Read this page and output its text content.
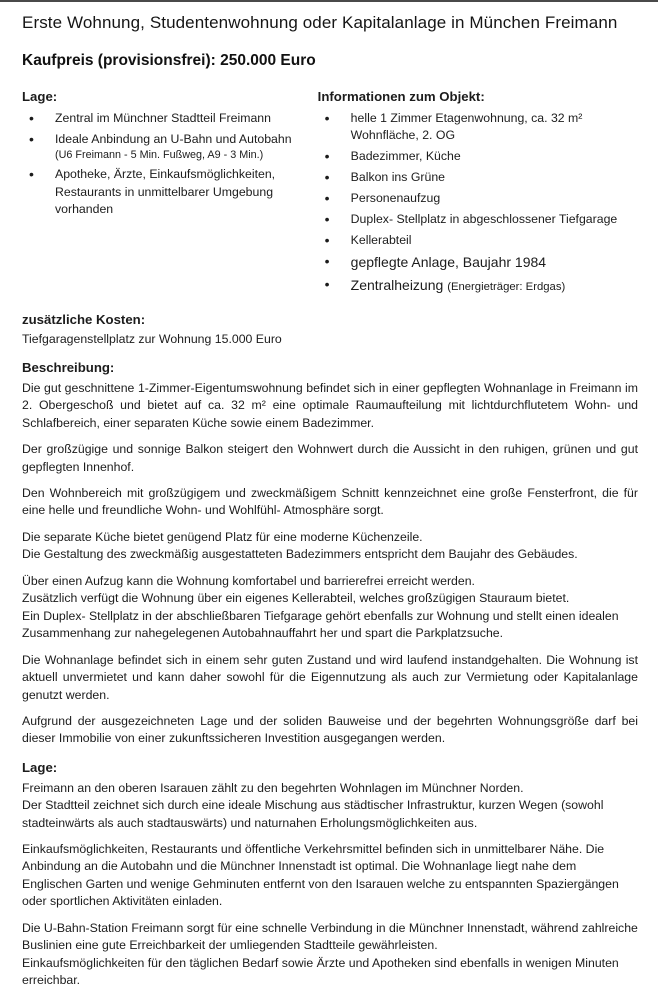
Erste Wohnung, Studentenwohnung oder Kapitalanlage in München Freimann
Kaufpreis (provisionsfrei): 250.000 Euro
Lage:
• Zentral im Münchner Stadtteil Freimann
• Ideale Anbindung an U-Bahn und Autobahn
(U6 Freimann - 5 Min. Fußweg, A9 - 3 Min.)
• Apotheke, Ärzte, Einkaufsmöglichkeiten, Restaurants in unmittelbarer Umgebung vorhanden
Informationen zum Objekt:
• helle 1 Zimmer Etagenwohnung, ca. 32 m² Wohnfläche, 2. OG
• Badezimmer, Küche
• Balkon ins Grüne
• Personenaufzug
• Duplex- Stellplatz in abgeschlossener Tiefgarage
• Kellerabteil
• gepflegte Anlage, Baujahr 1984
• Zentralheizung (Energieträger: Erdgas)
zusätzliche Kosten:

Tiefgaragenstellplatz zur Wohnung 15.000 Euro

Beschreibung:

Die gut geschnittene 1-Zimmer-Eigentumswohnung befindet sich in einer gepflegten Wohnanlage in Freimann im 2. Obergeschoß und bietet auf ca. 32 m² eine optimale Raumaufteilung mit lichtdurchflutetem Wohn- und Schlafbereich, einer separaten Küche sowie einem Badezimmer.

Der großzügige und sonnige Balkon steigert den Wohnwert durch die Aussicht in den ruhigen, grünen und gut gepflegten Innenhof.

Den Wohnbereich mit großzügigem und zweckmäßigem Schnitt kennzeichnet eine große Fensterfront, die für eine helle und freundliche Wohn- und Wohlfühl- Atmosphäre sorgt.

Die separate Küche bietet genügend Platz für eine moderne Küchenzeile.
Die Gestaltung des zweckmäßig ausgestatteten Badezimmers entspricht dem Baujahr des Gebäudes.

Über einen Aufzug kann die Wohnung komfortabel und barrierefrei erreicht werden.
Zusätzlich verfügt die Wohnung über ein eigenes Kellerabteil, welches großzügigen Stauraum bietet.
Ein Duplex- Stellplatz in der abschließbaren Tiefgarage gehört ebenfalls zur Wohnung und stellt einen idealen Zusammenhang zur nahegelegenen Autobahnauffahrt her und spart die Parkplatzsuche.

Die Wohnanlage befindet sich in einem sehr guten Zustand und wird laufend instandgehalten. Die Wohnung ist aktuell unvermietet und kann daher sowohl für die Eigennutzung als auch zur Vermietung oder Kapitalanlage genutzt werden.

Aufgrund der ausgezeichneten Lage und der soliden Bauweise und der begehrten Wohnungsgröße darf bei dieser Immobilie von einer zukunftssicheren Investition ausgegangen werden.

Lage:

Freimann an den oberen Isarauen zählt zu den begehrten Wohnlagen im Münchner Norden.
Der Stadtteil zeichnet sich durch eine ideale Mischung aus städtischer Infrastruktur, kurzen Wegen (sowohl stadteinwärts als auch stadtauswärts) und naturnahen Erholungsmöglichkeiten aus.

Einkaufsmöglichkeiten, Restaurants und öffentliche Verkehrsmittel befinden sich in unmittelbarer Nähe. Die Anbindung an die Autobahn und die Münchner Innenstadt ist optimal. Die Wohnanlage liegt nahe dem Englischen Garten und wenige Gehminuten entfernt von den Isarauen welche zu entspannten Spaziergängen oder sportlichen Aktivitäten einladen.

Die U-Bahn-Station Freimann sorgt für eine schnelle Verbindung in die Münchner Innenstadt, während zahlreiche Buslinien eine gute Erreichbarkeit der umliegenden Stadtteile gewährleisten.
Einkaufsmöglichkeiten für den täglichen Bedarf sowie Ärzte und Apotheken sind ebenfalls in wenigen Minuten erreichbar.
